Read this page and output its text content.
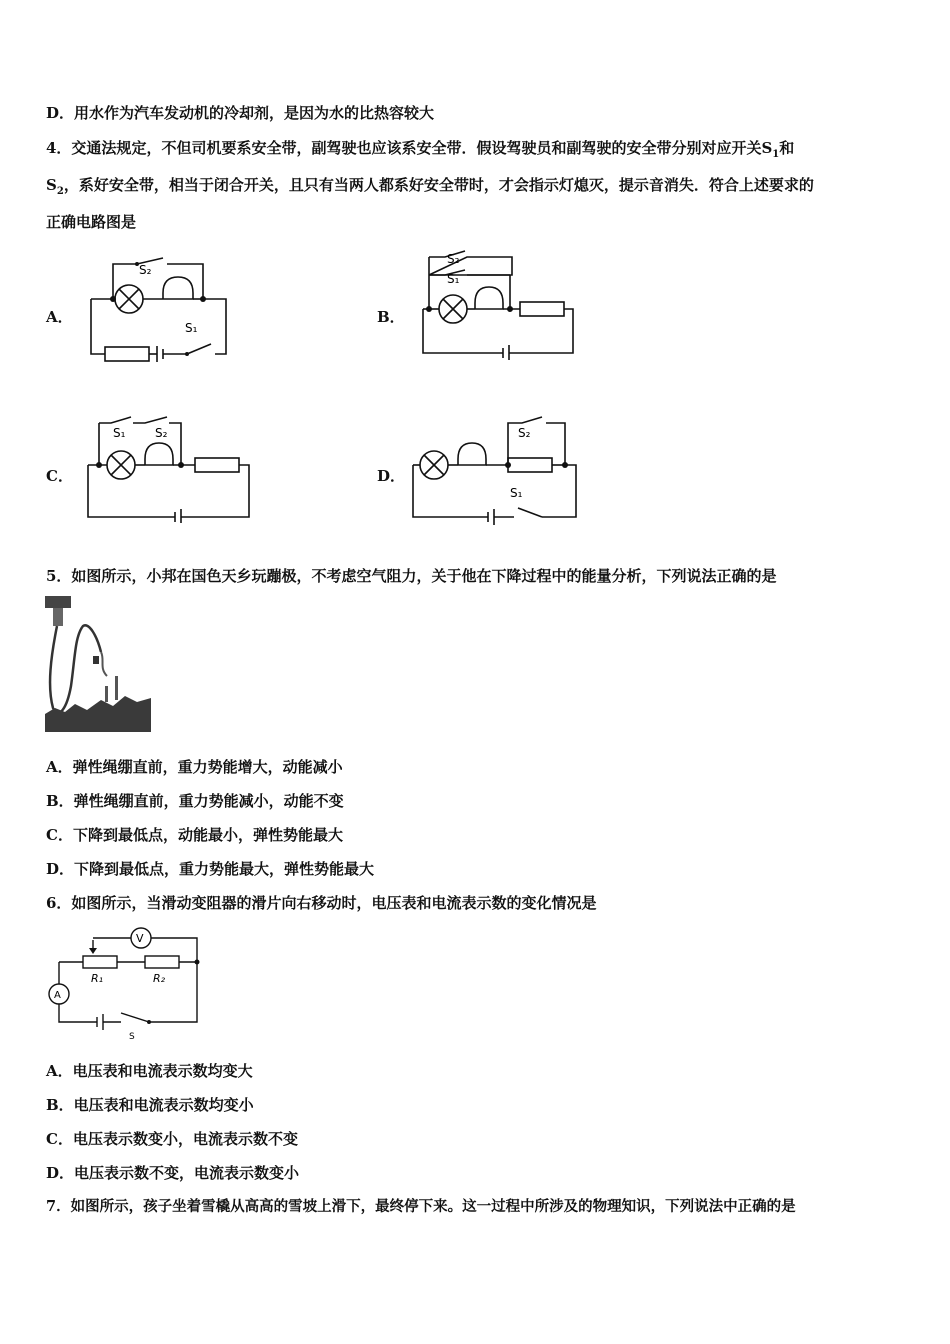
D．用水作为汽车发动机的冷却剂，是因为水的比热容较大
4．交通法规定，不但司机要系安全带，副驾驶也应该系安全带．假设驾驶员和副驾驶的安全带分别对应开关$S_1$和
$S_2$，系好安全带，相当于闭合开关，且只有当两人都系好安全带时，才会指示灯熄灭，提示音消失．符合上述要求的
正确电路图是
A．	B．
C．	D．
S₂
S₁
S₂
S₁
S₁ S₂	S₂
S₁
5．如图所示，小邦在国色天乡玩蹦极，不考虑空气阻力，关于他在下降过程中的能量分析，下列说法正确的是
A．弹性绳绷直前，重力势能增大，动能减小
B．弹性绳绷直前，重力势能减小，动能不变
C．下降到最低点，动能最小，弹性势能最大
D．下降到最低点，重力势能最大，弹性势能最大
6．如图所示，当滑动变阻器的滑片向右移动时，电压表和电流表示数的变化情况是
V
A
R₁	R₂
S
A．电压表和电流表示数均变大
B．电压表和电流表示数均变小
C．电压表示数变小，电流表示数不变
D．电压表示数不变，电流表示数变小
7．如图所示，孩子坐着雪橇从高高的雪坡上滑下，最终停下来。这一过程中所涉及的物理知识，下列说法中正确的是
